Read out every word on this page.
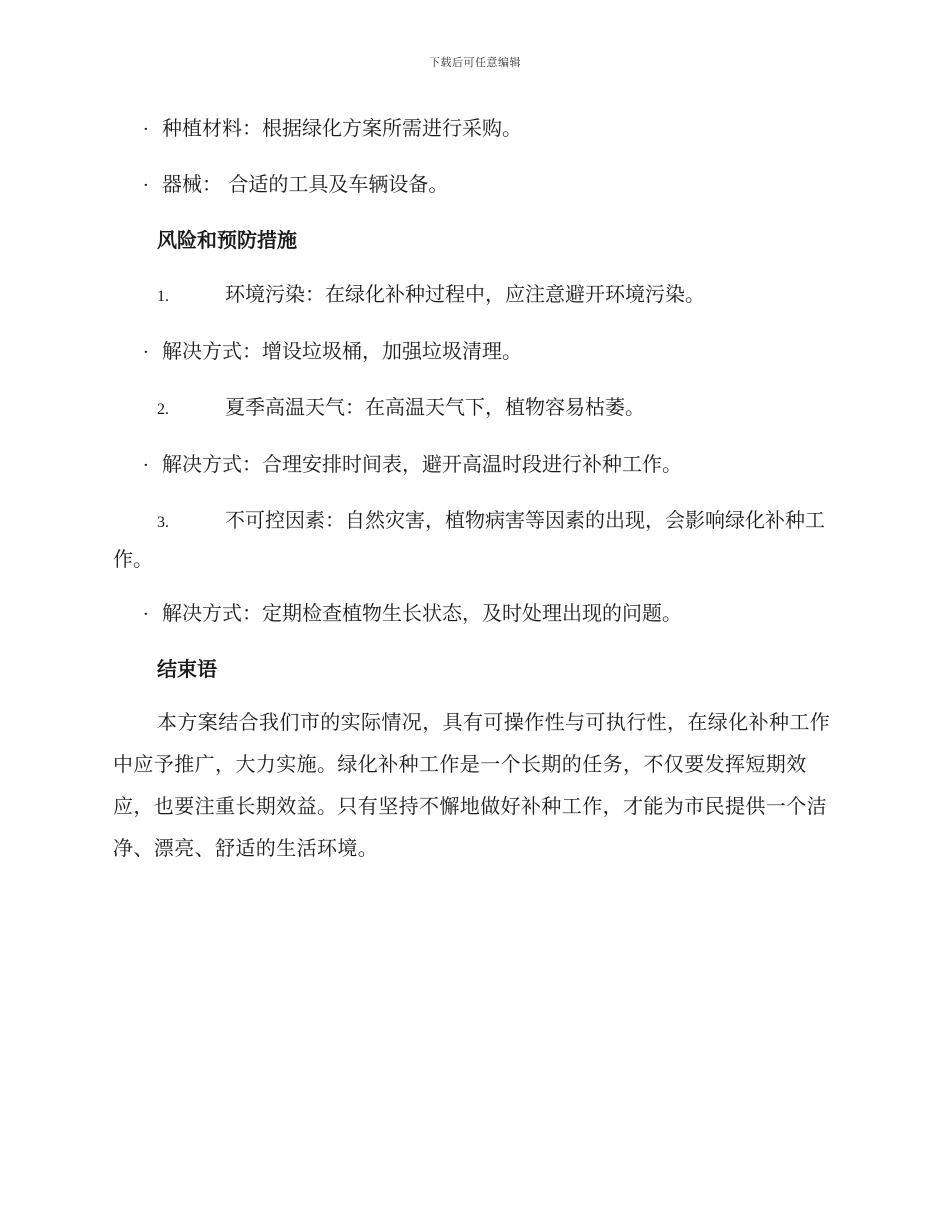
下载后可任意编辑

· 种植材料：根据绿化方案所需进行采购。

· 器械： 合适的工具及车辆设备。

风险和预防措施

1.	环境污染：在绿化补种过程中，应注意避开环境污染。

· 解决方式：增设垃圾桶，加强垃圾清理。

2.	夏季高温天气：在高温天气下，植物容易枯萎。

· 解决方式：合理安排时间表，避开高温时段进行补种工作。

3.	不可控因素：自然灾害，植物病害等因素的出现，会影响绿化补种工作。

· 解决方式：定期检查植物生长状态，及时处理出现的问题。

结束语

本方案结合我们市的实际情况，具有可操作性与可执行性，在绿化补种工作中应予推广，大力实施。绿化补种工作是一个长期的任务，不仅要发挥短期效应，也要注重长期效益。只有坚持不懈地做好补种工作，才能为市民提供一个洁净、漂亮、舒适的生活环境。
